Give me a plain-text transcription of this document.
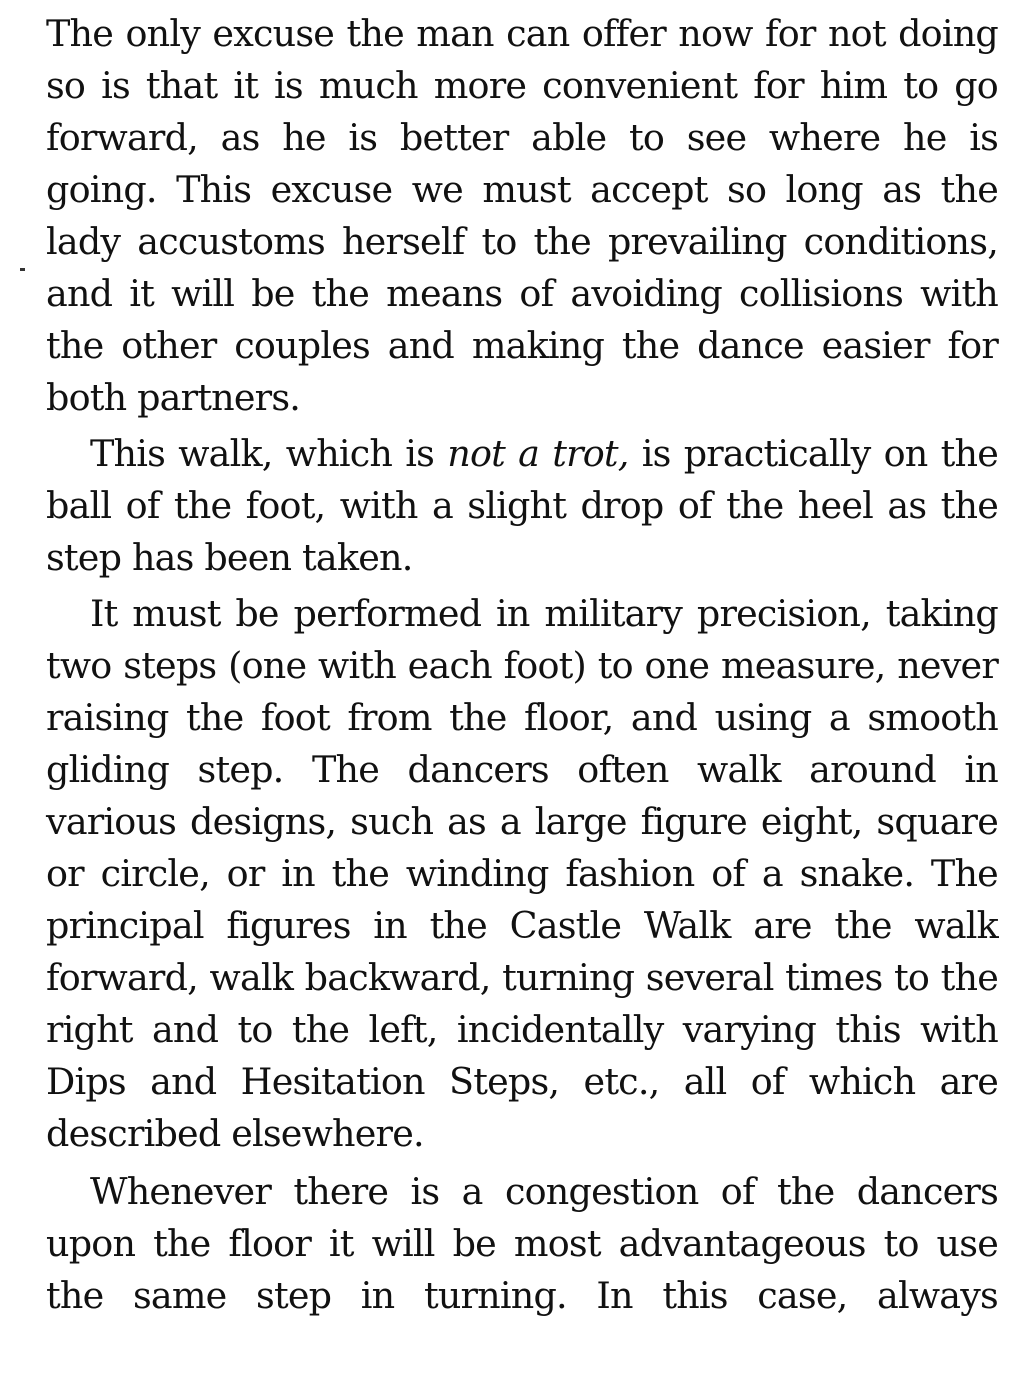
The only excuse the man can offer now for not doing so is that it is much more convenient for him to go forward, as he is better able to see where he is going. This excuse we must accept so long as the lady accustoms herself to the prevailing conditions, and it will be the means of avoiding collisions with the other couples and making the dance easier for both partners.

This walk, which is not a trot, is practically on the ball of the foot, with a slight drop of the heel as the step has been taken.

It must be performed in military precision, taking two steps (one with each foot) to one measure, never raising the foot from the floor, and using a smooth gliding step. The dancers often walk around in various designs, such as a large figure eight, square or circle, or in the winding fashion of a snake. The principal figures in the Castle Walk are the walk forward, walk backward, turning several times to the right and to the left, incidentally varying this with Dips and Hesitation Steps, etc., all of which are described elsewhere.

Whenever there is a congestion of the dancers upon the floor it will be most advantageous to use the same step in turning. In this case, always
